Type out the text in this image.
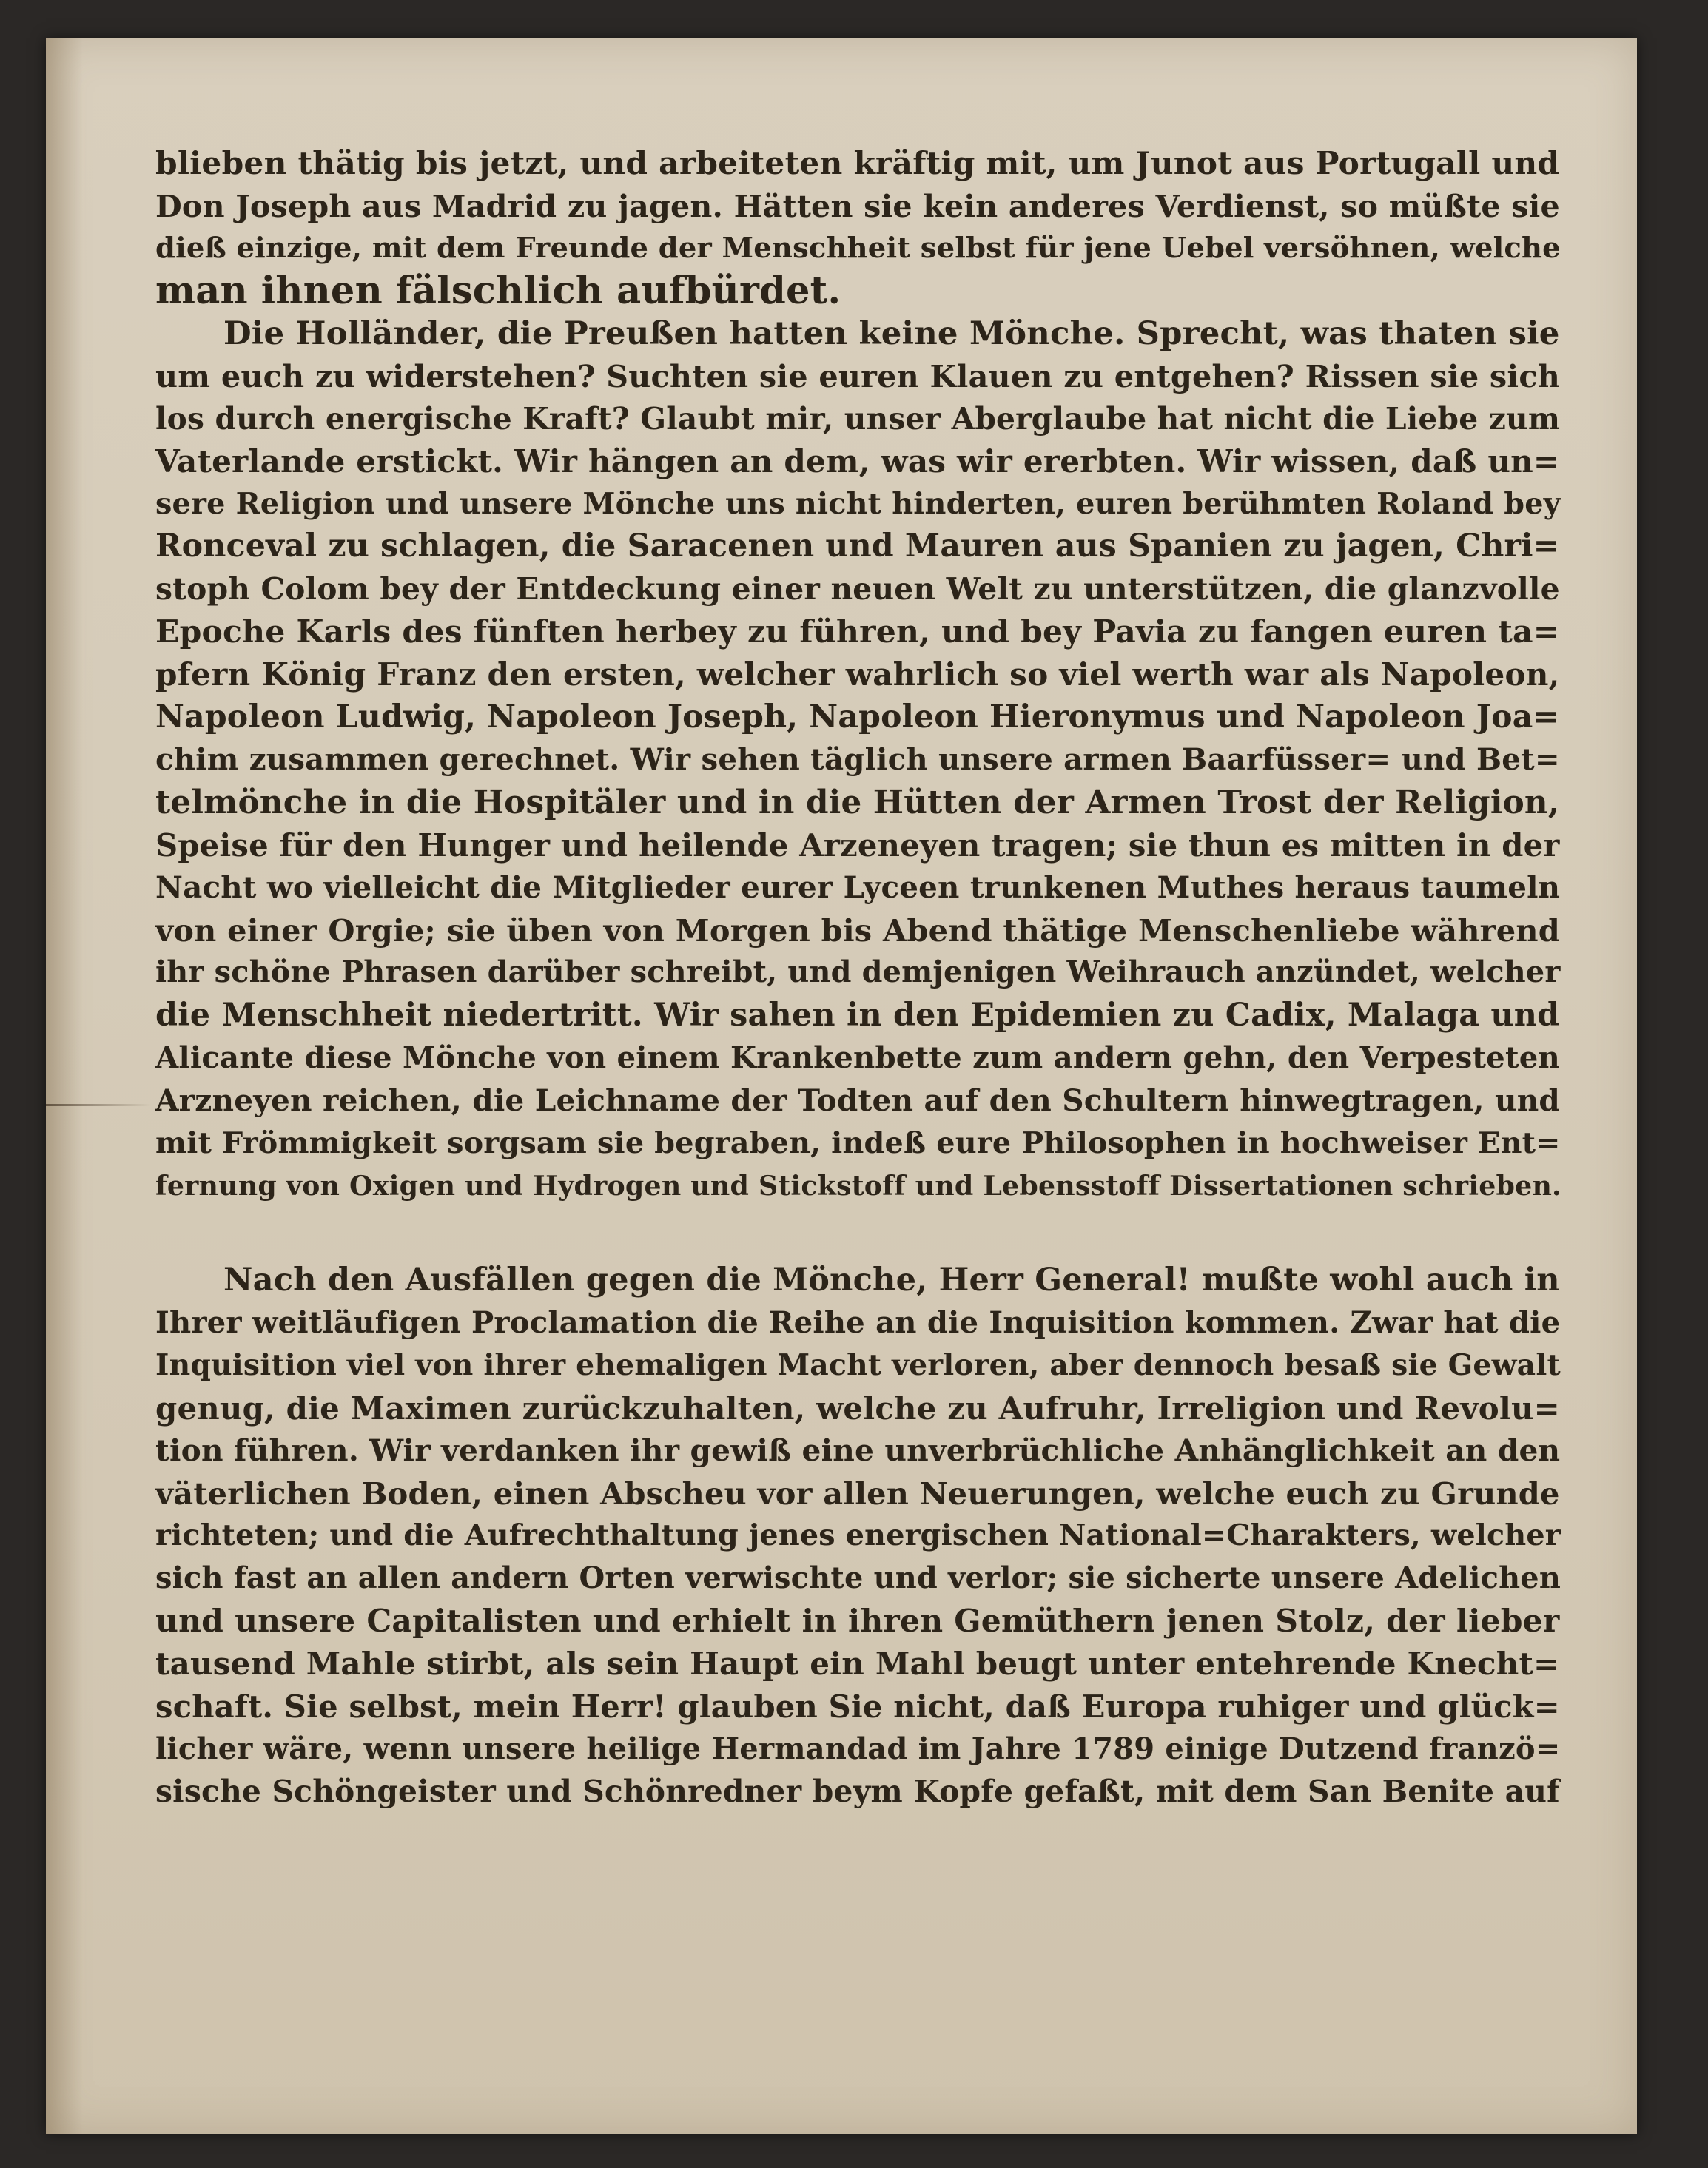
blieben thätig bis jetzt, und arbeiteten kräftig mit, um Junot aus Portugall und
Don Joseph aus Madrid zu jagen. Hätten sie kein anderes Verdienst, so müßte sie
dieß einzige, mit dem Freunde der Menschheit selbst für jene Uebel versöhnen, welche
man ihnen fälschlich aufbürdet.

Die Holländer, die Preußen hatten keine Mönche. Sprecht, was thaten sie
um euch zu widerstehen? Suchten sie euren Klauen zu entgehen? Rissen sie sich
los durch energische Kraft? Glaubt mir, unser Aberglaube hat nicht die Liebe zum
Vaterlande erstickt. Wir hängen an dem, was wir ererbten. Wir wissen, daß un=
sere Religion und unsere Mönche uns nicht hinderten, euren berühmten Roland bey
Ronceval zu schlagen, die Saracenen und Mauren aus Spanien zu jagen, Chri=
stoph Colom bey der Entdeckung einer neuen Welt zu unterstützen, die glanzvolle
Epoche Karls des fünften herbey zu führen, und bey Pavia zu fangen euren ta=
pfern König Franz den ersten, welcher wahrlich so viel werth war als Napoleon,
Napoleon Ludwig, Napoleon Joseph, Napoleon Hieronymus und Napoleon Joa=
chim zusammen gerechnet. Wir sehen täglich unsere armen Baarfüsser= und Bet=
telmönche in die Hospitäler und in die Hütten der Armen Trost der Religion,
Speise für den Hunger und heilende Arzeneyen tragen; sie thun es mitten in der
Nacht wo vielleicht die Mitglieder eurer Lyceen trunkenen Muthes heraus taumeln
von einer Orgie; sie üben von Morgen bis Abend thätige Menschenliebe während
ihr schöne Phrasen darüber schreibt, und demjenigen Weihrauch anzündet, welcher
die Menschheit niedertritt. Wir sahen in den Epidemien zu Cadix, Malaga und
Alicante diese Mönche von einem Krankenbette zum andern gehn, den Verpesteten
Arzneyen reichen, die Leichname der Todten auf den Schultern hinwegtragen, und
mit Frömmigkeit sorgsam sie begraben, indeß eure Philosophen in hochweiser Ent=
fernung von Oxigen und Hydrogen und Stickstoff und Lebensstoff Dissertationen schrieben.

Nach den Ausfällen gegen die Mönche, Herr General! mußte wohl auch in
Ihrer weitläufigen Proclamation die Reihe an die Inquisition kommen. Zwar hat die
Inquisition viel von ihrer ehemaligen Macht verloren, aber dennoch besaß sie Gewalt
genug, die Maximen zurückzuhalten, welche zu Aufruhr, Irreligion und Revolu=
tion führen. Wir verdanken ihr gewiß eine unverbrüchliche Anhänglichkeit an den
väterlichen Boden, einen Abscheu vor allen Neuerungen, welche euch zu Grunde
richteten; und die Aufrechthaltung jenes energischen National=Charakters, welcher
sich fast an allen andern Orten verwischte und verlor; sie sicherte unsere Adelichen
und unsere Capitalisten und erhielt in ihren Gemüthern jenen Stolz, der lieber
tausend Mahle stirbt, als sein Haupt ein Mahl beugt unter entehrende Knecht=
schaft. Sie selbst, mein Herr! glauben Sie nicht, daß Europa ruhiger und glück=
licher wäre, wenn unsere heilige Hermandad im Jahre 1789 einige Dutzend franzö=
sische Schöngeister und Schönredner beym Kopfe gefaßt, mit dem San Benite auf
